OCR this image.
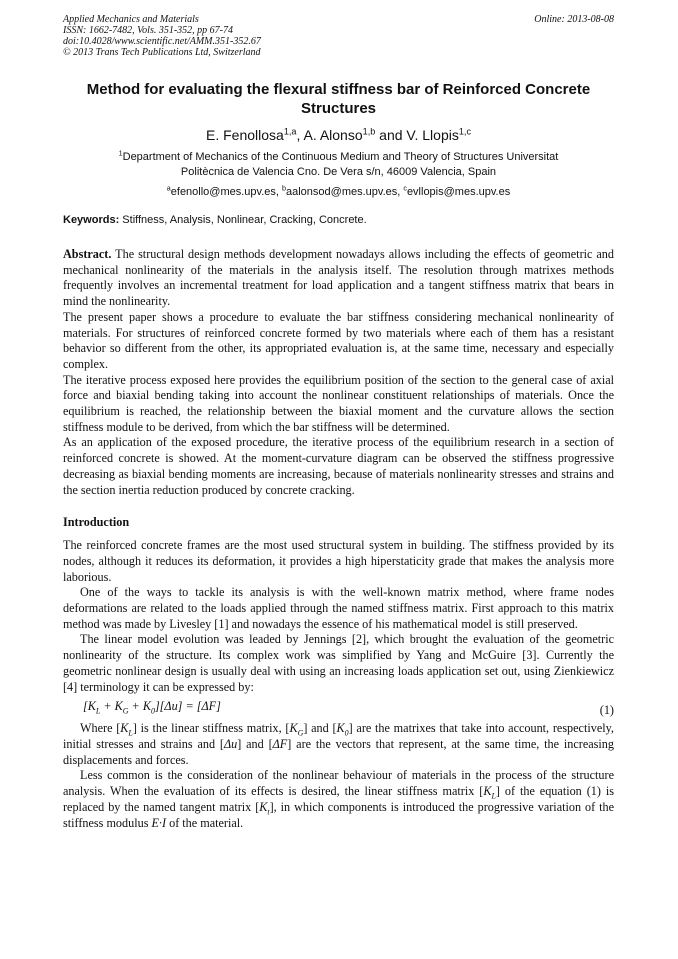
Applied Mechanics and Materials
ISSN: 1662-7482, Vols. 351-352, pp 67-74
doi:10.4028/www.scientific.net/AMM.351-352.67
© 2013 Trans Tech Publications Ltd, Switzerland
Online: 2013-08-08
Method for evaluating the flexural stiffness bar of Reinforced Concrete Structures
E. Fenollosa$^{1,a}$, A. Alonso$^{1,b}$ and V. Llopis$^{1,c}$
$^1$Department of Mechanics of the Continuous Medium and Theory of Structures Universitat
Politècnica de Valencia Cno. De Vera s/n, 46009 Valencia, Spain
$^a$efenollo@mes.upv.es, $^b$aalonsod@mes.upv.es, $^c$evllopis@mes.upv.es
Keywords: Stiffness, Analysis, Nonlinear, Cracking, Concrete.

Abstract. The structural design methods development nowadays allows including the effects of geometric and mechanical nonlinearity of the materials in the analysis itself. The resolution through matrixes methods frequently involves an incremental treatment for load application and a tangent stiffness matrix that bears in mind the nonlinearity.

The present paper shows a procedure to evaluate the bar stiffness considering mechanical nonlinearity of materials. For structures of reinforced concrete formed by two materials where each of them has a resistant behavior so different from the other, its appropriated evaluation is, at the same time, necessary and especially complex.

The iterative process exposed here provides the equilibrium position of the section to the general case of axial force and biaxial bending taking into account the nonlinear constituent relationships of materials. Once the equilibrium is reached, the relationship between the biaxial moment and the curvature allows the section stiffness module to be derived, from which the bar stiffness will be determined.

As an application of the exposed procedure, the iterative process of the equilibrium research in a section of reinforced concrete is showed. At the moment-curvature diagram can be observed the stiffness progressive decreasing as biaxial bending moments are increasing, because of materials nonlinearity stresses and strains and the section inertia reduction produced by concrete cracking.

Introduction

The reinforced concrete frames are the most used structural system in building. The stiffness provided by its nodes, although it reduces its deformation, it provides a high hiperstaticity grade that makes the analysis more laborious.

One of the ways to tackle its analysis is with the well-known matrix method, where frame nodes deformations are related to the loads applied through the named stiffness matrix. First approach to this matrix method was made by Livesley [1] and nowadays the essence of his mathematical model is still preserved.

The linear model evolution was leaded by Jennings [2], which brought the evaluation of the geometric nonlinearity of the structure. Its complex work was simplified by Yang and McGuire [3]. Currently the geometric nonlinear design is usually deal with using an increasing loads application set out, using Zienkiewicz [4] terminology it can be expressed by:

$[K_L + K_G + K_0][\Delta u] = [\Delta F]$	(1)

Where $[K_L]$ is the linear stiffness matrix, $[K_G]$ and $[K_0]$ are the matrixes that take into account, respectively, initial stresses and strains and [Δu] and [ΔF] are the vectors that represent, at the same time, the increasing displacements and forces.

Less common is the consideration of the nonlinear behaviour of materials in the process of the structure analysis. When the evaluation of its effects is desired, the linear stiffness matrix $[K_L]$ of the equation (1) is replaced by the named tangent matrix $[K_t]$, in which components is introduced the progressive variation of the stiffness modulus E·I of the material.
